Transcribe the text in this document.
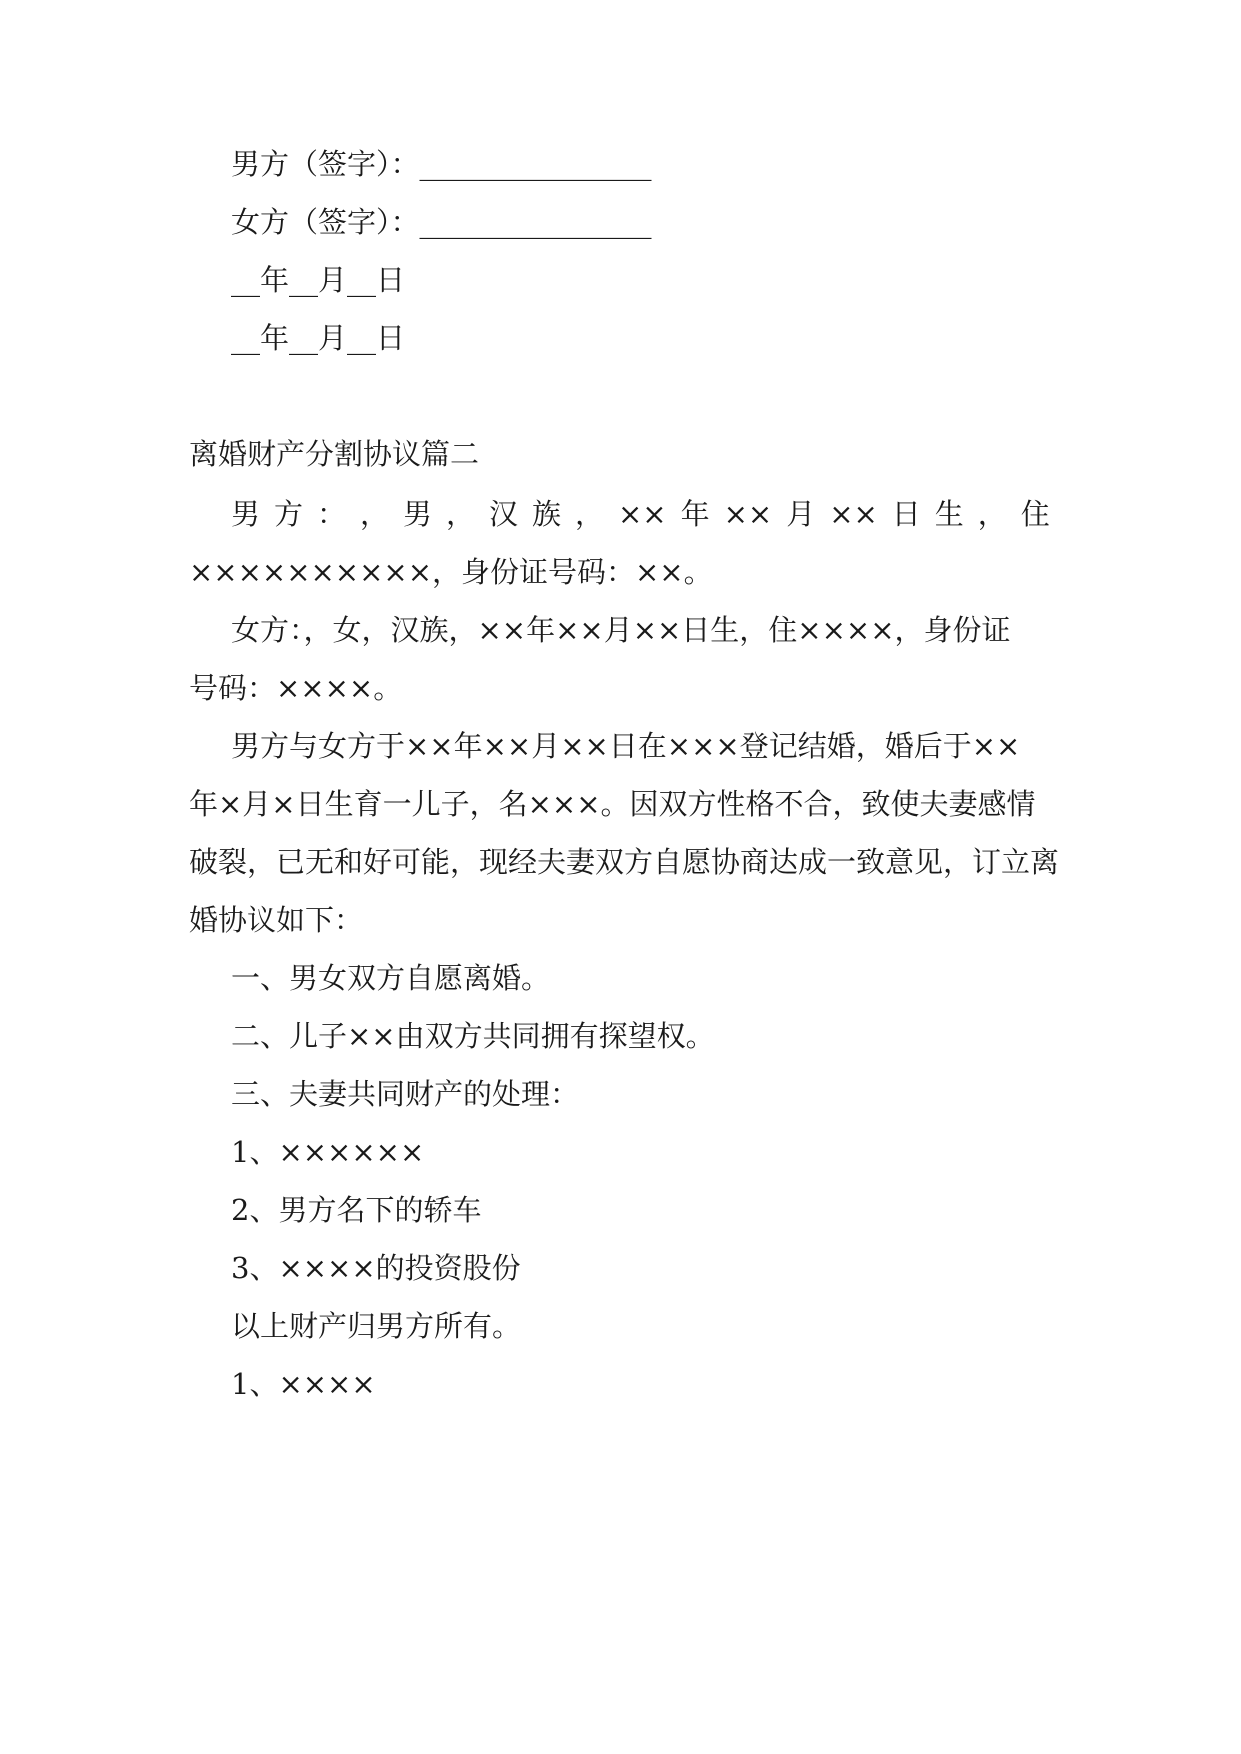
男方（签字）：________________
女方（签字）：________________
__年__月__日
__年__月__日
离婚财产分割协议篇二
男 方 ： ， 男 ， 汉 族 ， ×× 年 ×× 月 ×× 日 生 ， 住
××××××××××，身份证号码：××。
女方：，女，汉族，××年××月××日生，住××××，身份证
号码：××××。
男方与女方于××年××月××日在×××登记结婚，婚后于××
年×月×日生育一儿子，名×××。因双方性格不合，致使夫妻感情
破裂，已无和好可能，现经夫妻双方自愿协商达成一致意见，订立离
婚协议如下：
一、男女双方自愿离婚。
二、儿子××由双方共同拥有探望权。
三、夫妻共同财产的处理：
1、××××××
2、男方名下的轿车
3、××××的投资股份
以上财产归男方所有。
1、××××
